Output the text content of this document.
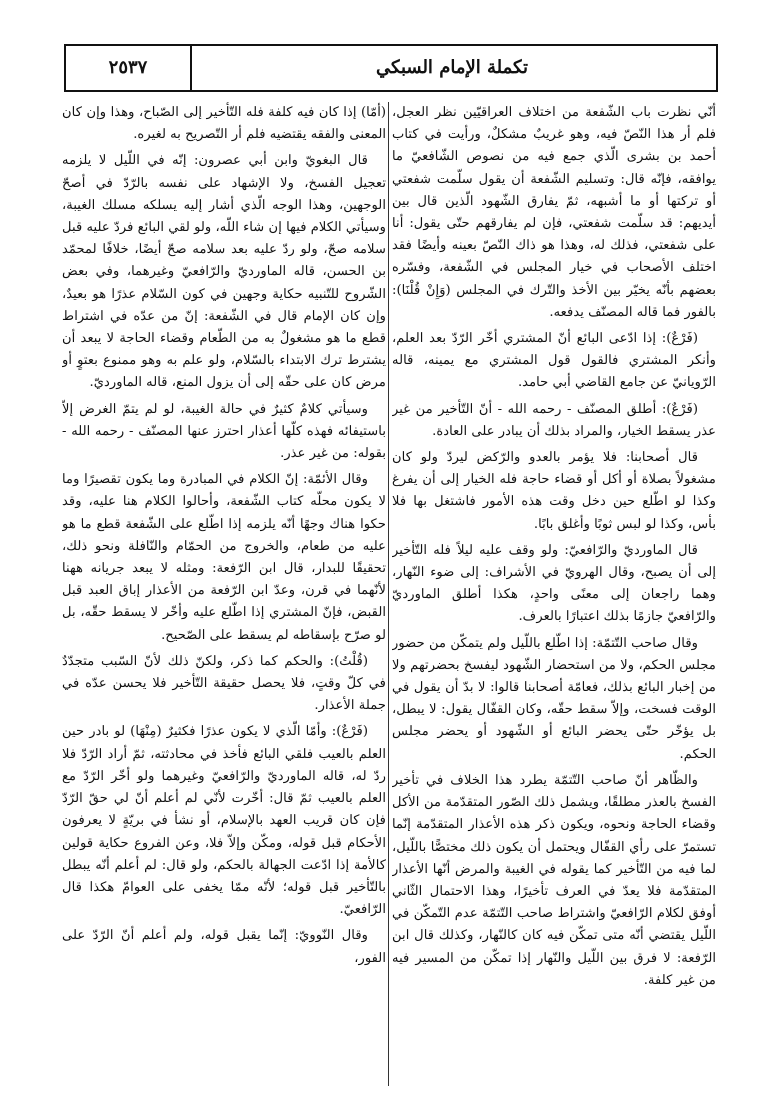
تكملة الإمام السبكي
٢٥٣٧

أنّي نظرت باب الشّفعة من اختلاف العراقيّين نظر العجل، فلم أر هذا النّصّ فيه، وهو غريبٌ مشكلٌ، ورأيت في كتاب أحمد بن بشرى الّذي جمع فيه من نصوص الشّافعيّ ما يوافقه، فإنّه قال: وتسليم الشّفعة أن يقول سلّمت شفعتي أو تركتها أو ما أشبهه، ثمّ يفارق الشّهود الّذين قال بين أيديهم: قد سلّمت شفعتي، فإن لم يفارقهم حتّى يقول: أنا على شفعتي، فذلك له، وهذا هو ذاك النّصّ بعينه وأيضًا فقد اختلف الأصحاب في خيار المجلس في الشّفعة، وفسّره بعضهم بأنّه يخيّر بين الأخذ والتّرك في المجلس (وَإِنْ قُلْنَا): بالفور فما قاله المصنّف يدفعه.

(فَرْعٌ): إذا ادّعى البائع أنّ المشتري أخّر الرّدّ بعد العلم، وأنكر المشتري فالقول قول المشتري مع يمينه، قاله الرّويانيّ عن جامع القاضي أبي حامد.

(فَرْعٌ): أطلق المصنّف - رحمه الله - أنّ التّأخير من غير عذر يسقط الخيار، والمراد بذلك أن يبادر على العادة.

قال أصحابنا: فلا يؤمر بالعدو والرّكض ليردّ ولو كان مشغولاً بصلاة أو أكل أو قضاء حاجة فله الخيار إلى أن يفرغ وكذا لو اطّلع حين دخل وقت هذه الأمور فاشتغل بها فلا بأس، وكذا لو لبس ثوبًا وأغلق بابًا.

قال الماورديّ والرّافعيّ: ولو وقف عليه ليلاً فله التّأخير إلى أن يصبح، وقال الهرويّ في الأشراف: إلى ضوء النّهار، وهما راجعان إلى معنًى واحدٍ، هكذا أطلق الماورديّ والرّافعيّ جازمًا بذلك اعتبارًا بالعرف.

وقال صاحب التّتمّة: إذا اطّلع باللّيل ولم يتمكّن من حضور مجلس الحكم، ولا من استحضار الشّهود ليفسخ بحضرتهم ولا من إخبار البائع بذلك، فعامّة أصحابنا قالوا: لا بدّ أن يقول في الوقت فسخت، وإلاّ سقط حقّه، وكان القفّال يقول: لا يبطل، بل يؤخّر حتّى يحضر البائع أو الشّهود أو يحضر مجلس الحكم.

والظّاهر أنّ صاحب التّتمّة يطرد هذا الخلاف في تأخير الفسخ بالعذر مطلقًا، ويشمل ذلك الصّور المتقدّمة من الأكل وقضاء الحاجة ونحوه، ويكون ذكر هذه الأعذار المتقدّمة إنّما تستمرّ على رأي القفّال ويحتمل أن يكون ذلك مختصًّا باللّيل، لما فيه من التّأخير كما يقوله في الغيبة والمرض أنّها الأعذار المتقدّمة فلا يعدّ في العرف تأخيرًا، وهذا الاحتمال الثّاني أوفق لكلام الرّافعيّ واشتراط صاحب التّتمّة عدم التّمكّن في اللّيل يقتضي أنّه متى تمكّن فيه كان كالنّهار، وكذلك قال ابن الرّفعة: لا فرق بين اللّيل والنّهار إذا تمكّن من المسير فيه من غير كلفة.

(أمّا) إذا كان فيه كلفة فله التّأخير إلى الصّباح، وهذا وإن كان المعنى والفقه يقتضيه فلم أر التّصريح به لغيره.

قال البغويّ وابن أبي عصرون: إنّه في اللّيل لا يلزمه تعجيل الفسخ، ولا الإشهاد على نفسه بالرّدّ في أصحّ الوجهين، وهذا الوجه الّذي أشار إليه يسلكه مسلك الغيبة، وسيأتي الكلام فيها إن شاء اللّه، ولو لقي البائع فردّ عليه قبل سلامه صحّ، ولو ردّ عليه بعد سلامه صحّ أيضًا، خلافًا لمحمّد بن الحسن، قاله الماورديّ والرّافعيّ وغيرهما، وفي بعض الشّروح للتّنبيه حكاية وجهين في كون السّلام عذرًا هو بعيدٌ، وإن كان الإمام قال في الشّفعة: إنّ من عدّه في اشتراط قطع ما هو مشغولٌ به من الطّعام وقضاء الحاجة لا يبعد أن يشترط ترك الابتداء بالسّلام، ولو علم به وهو ممنوع بعتوٍ أو مرض كان على حقّه إلى أن يزول المنع، قاله الماورديّ.

وسيأتي كلامٌ كثيرٌ في حالة الغيبة، لو لم يتمّ الغرض إلاّ باستيفائه فهذه كلّها أعذار احترز عنها المصنّف - رحمه الله - بقوله: من غير عذر.

وقال الأئمّة: إنّ الكلام في المبادرة وما يكون تقصيرًا وما لا يكون محلّه كتاب الشّفعة، وأحالوا الكلام هنا عليه، وقد حكوا هناك وجهًا أنّه يلزمه إذا اطّلع على الشّفعة قطع ما هو عليه من طعام، والخروج من الحمّام والنّافلة ونحو ذلك، تحقيقًا للبدار، قال ابن الرّفعة: ومثله لا يبعد جريانه ههنا لأنّهما في قرن، وعدّ ابن الرّفعة من الأعذار إباق العبد قبل القبض، فإنّ المشتري إذا اطّلع عليه وأخّر لا يسقط حقّه، بل لو صرّح بإسقاطه لم يسقط على الصّحيح.

(قُلْتُ): والحكم كما ذكر، ولكنّ ذلك لأنّ السّبب متجدّدٌ في كلّ وقتٍ، فلا يحصل حقيقة التّأخير فلا يحسن عدّه في جملة الأعذار.

(فَرْعٌ): وأمّا الّذي لا يكون عذرًا فكثيرٌ (مِنْهَا) لو بادر حين العلم بالعيب فلقي البائع فأخذ في محادثته، ثمّ أراد الرّدّ فلا ردّ له، قاله الماورديّ والرّافعيّ وغيرهما ولو أخّر الرّدّ مع العلم بالعيب ثمّ قال: أخّرت لأنّي لم أعلم أنّ لي حقّ الرّدّ فإن كان قريب العهد بالإسلام، أو نشأ في بريّةٍ لا يعرفون الأحكام قبل قوله، ومكّن وإلاّ فلا، وعن الفروع حكاية قولين كالأمة إذا ادّعت الجهالة بالحكم، ولو قال: لم أعلم أنّه يبطل بالتّأخير قبل قوله؛ لأنّه ممّا يخفى على العوامّ هكذا قال الرّافعيّ.

وقال النّوويّ: إنّما يقبل قوله، ولم أعلم أنّ الرّدّ على الفور،
